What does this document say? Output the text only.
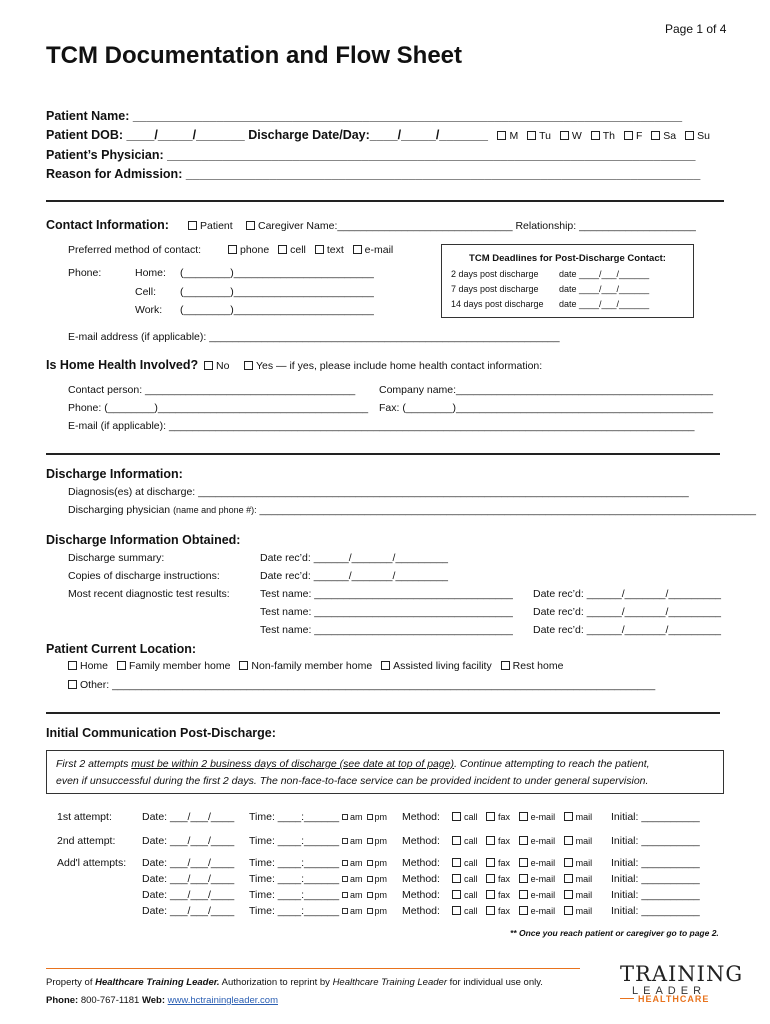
Page 1 of 4
TCM Documentation and Flow Sheet
Patient Name: _______________________________________________________________________________
Patient DOB: ____/_____/_______ Discharge Date/Day:____/_____/_______ M Tu W Th F Sa Su
Patient’s Physician: ____________________________________________________________________________
Reason for Admission: __________________________________________________________________________
Contact Information:	Patient	Caregiver Name:______________________________ Relationship: ____________________
Preferred method of contact:	phone cell text e-mail
Phone:	Home: (________)________________________
Cell: (________)________________________
Work: (________)________________________
TCM Deadlines for Post-Discharge Contact:
2 days post discharge date ____/___/______
7 days post discharge date ____/___/______
14 days post discharge date ____/___/______
E-mail address (if applicable): ____________________________________________________________
Is Home Health Involved?	No	Yes — if yes, please include home health contact information:
Contact person: ____________________________________ Company name:____________________________________________
Phone: (________)____________________________________ Fax: (________)____________________________________________
E-mail (if applicable): __________________________________________________________________________________________
Discharge Information:
Diagnosis(es) at discharge: ____________________________________________________________________________________
Discharging physician (name and phone #): _____________________________________________________________________________________
Discharge Information Obtained:
Discharge summary:	Date rec’d: ______/_______/_________
Copies of discharge instructions:	Date rec’d: ______/_______/_________
Most recent diagnostic test results:	Test name: __________________________________ Date rec’d: ______/_______/_________
Test name: __________________________________ Date rec’d: ______/_______/_________
Test name: __________________________________ Date rec’d: ______/_______/_________
Patient Current Location:
Home Family member home Non-family member home Assisted living facility Rest home
Other: _____________________________________________________________________________________________
Initial Communication Post-Discharge:
First 2 attempts must be within 2 business days of discharge (see date at top of page). Continue attempting to reach the patient,
even if unsuccessful during the first 2 days. The non-face-to-face service can be provided incident to under general supervision.
1st attempt:	Date: ___/___/____ Time: ____:______	am pm Method:	call fax e-mail mail Initial: __________
2nd attempt:	Date: ___/___/____ Time: ____:______	am pm Method:	call fax e-mail mail Initial: __________
Add'l attempts: Date: ___/___/____ Time: ____:______	am pm Method:	call fax e-mail mail Initial: __________
Date: ___/___/____ Time: ____:______	am pm Method:	call fax e-mail mail Initial: __________
Date: ___/___/____ Time: ____:______	am pm Method:	call fax e-mail mail Initial: __________
Date: ___/___/____ Time: ____:______	am pm Method:	call fax e-mail mail Initial: __________
** Once you reach patient or caregiver go to page 2.
Property of Healthcare Training Leader. Authorization to reprint by Healthcare Training Leader for individual use only.
Phone: 800-767-1181 Web: www.hctrainingleader.com
TRAINING
LEADER
HEALTHCARE
